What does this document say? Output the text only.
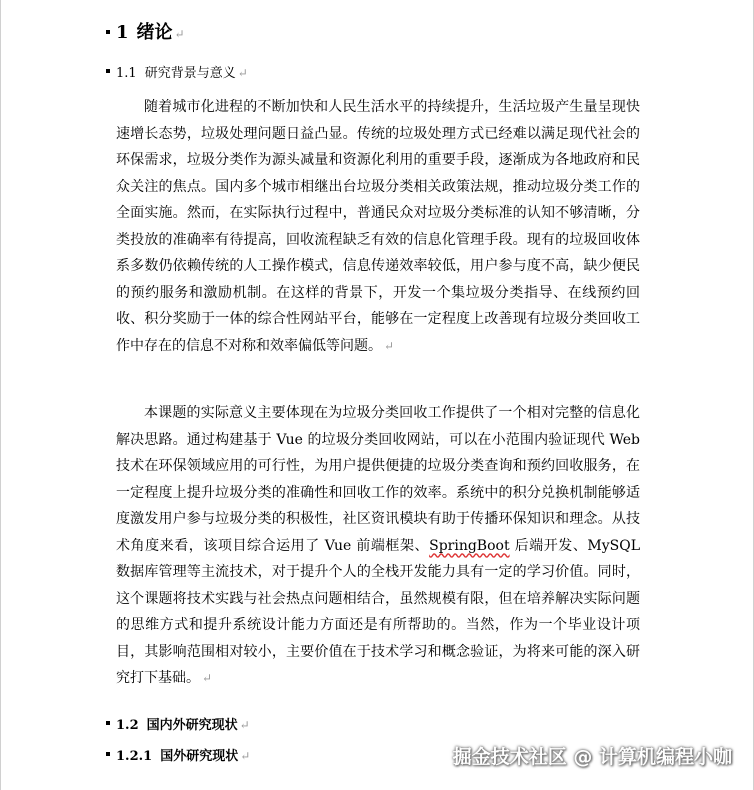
1 绪论 ↵
1.1 研究背景与意义 ↵

随着城市化进程的不断加快和人民生活水平的持续提升，生活垃圾产生量呈现快速增长态势，垃圾处理问题日益凸显。传统的垃圾处理方式已经难以满足现代社会的环保需求，垃圾分类作为源头减量和资源化利用的重要手段，逐渐成为各地政府和民众关注的焦点。国内多个城市相继出台垃圾分类相关政策法规，推动垃圾分类工作的全面实施。然而，在实际执行过程中，普通民众对垃圾分类标准的认知不够清晰，分类投放的准确率有待提高，回收流程缺乏有效的信息化管理手段。现有的垃圾回收体系多数仍依赖传统的人工操作模式，信息传递效率较低，用户参与度不高，缺少便民的预约服务和激励机制。在这样的背景下，开发一个集垃圾分类指导、在线预约回收、积分奖励于一体的综合性网站平台，能够在一定程度上改善现有垃圾分类回收工作中存在的信息不对称和效率偏低等问题。 ↵

本课题的实际意义主要体现在为垃圾分类回收工作提供了一个相对完整的信息化解决思路。通过构建基于 Vue 的垃圾分类回收网站，可以在小范围内验证现代 Web 技术在环保领域应用的可行性，为用户提供便捷的垃圾分类查询和预约回收服务，在一定程度上提升垃圾分类的准确性和回收工作的效率。系统中的积分兑换机制能够适度激发用户参与垃圾分类的积极性，社区资讯模块有助于传播环保知识和理念。从技术角度来看，该项目综合运用了 Vue 前端框架、SpringBoot 后端开发、MySQL 数据库管理等主流技术，对于提升个人的全栈开发能力具有一定的学习价值。同时，这个课题将技术实践与社会热点问题相结合，虽然规模有限，但在培养解决实际问题的思维方式和提升系统设计能力方面还是有所帮助的。当然，作为一个毕业设计项目，其影响范围相对较小，主要价值在于技术学习和概念验证，为将来可能的深入研究打下基础。 ↵

1.2 国内外研究现状 ↵
1.2.1 国外研究现状 ↵	掘金技术社区 @ 计算机编程小咖
